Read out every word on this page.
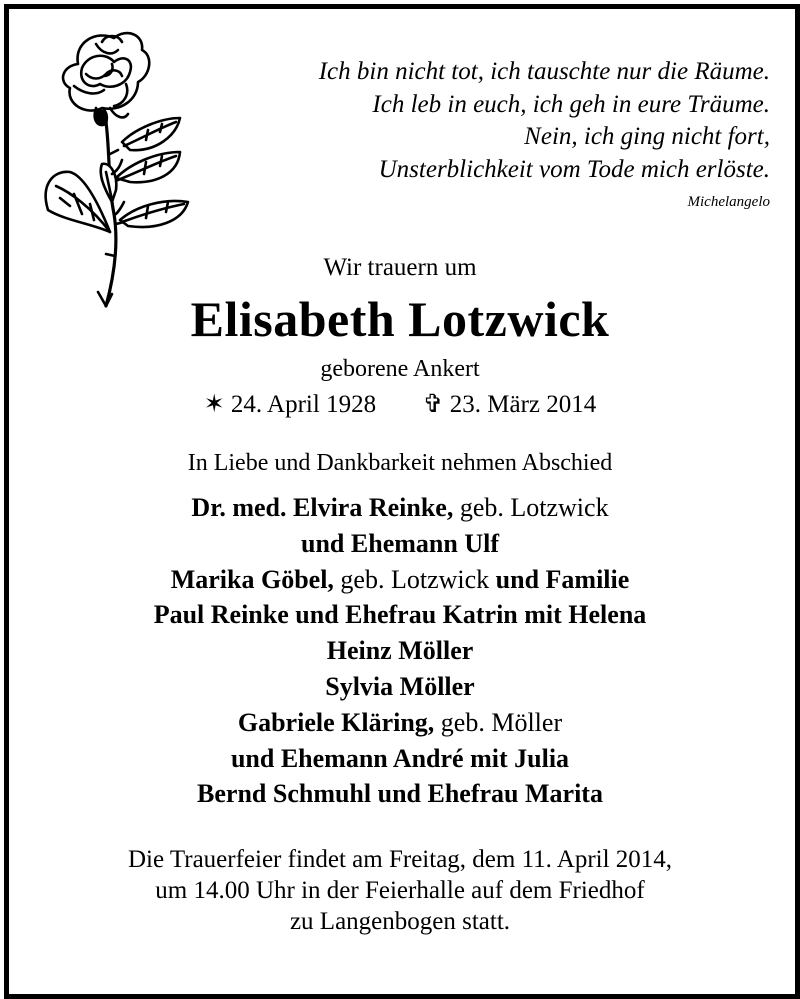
Ich bin nicht tot, ich tauschte nur die Räume.
Ich leb in euch, ich geh in eure Träume.
Nein, ich ging nicht fort,
Unsterblichkeit vom Tode mich erlöste.
Michelangelo
Wir trauern um
Elisabeth Lotzwick
geborene Ankert
✶ 24. April 1928 ✞ 23. März 2014
In Liebe und Dankbarkeit nehmen Abschied
Dr. med. Elvira Reinke, geb. Lotzwick
und Ehemann Ulf
Marika Göbel, geb. Lotzwick und Familie
Paul Reinke und Ehefrau Katrin mit Helena
Heinz Möller
Sylvia Möller
Gabriele Kläring, geb. Möller
und Ehemann André mit Julia
Bernd Schmuhl und Ehefrau Marita
Die Trauerfeier findet am Freitag, dem 11. April 2014,
um 14.00 Uhr in der Feierhalle auf dem Friedhof
zu Langenbogen statt.
